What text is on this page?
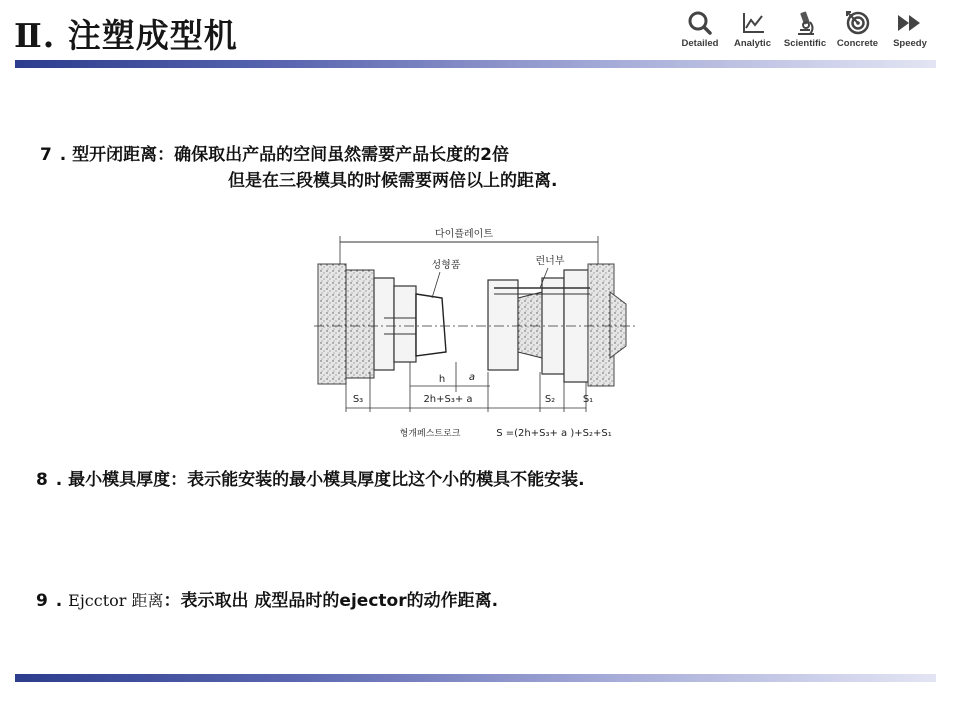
Ⅱ. 注塑成型机	Detailed Analytic Scientific Concrete Speedy
7 . 型开闭距离：确保取出产品的空间虽然需要产品长度的2倍
但是在三段模具的时候需要两倍以上的距离.
다이플레이트
성형품	런너부
h a
S₃	2h+S₃+ a	S₂	S₁
형개페스트로크	S =(2h+S₃+ a )+S₂+S₁
8 . 最小模具厚度：表示能安装的最小模具厚度比这个小的模具不能安装.
9 . Ejcctor 距离：表示取出 成型品时的ejector的动作距离.
